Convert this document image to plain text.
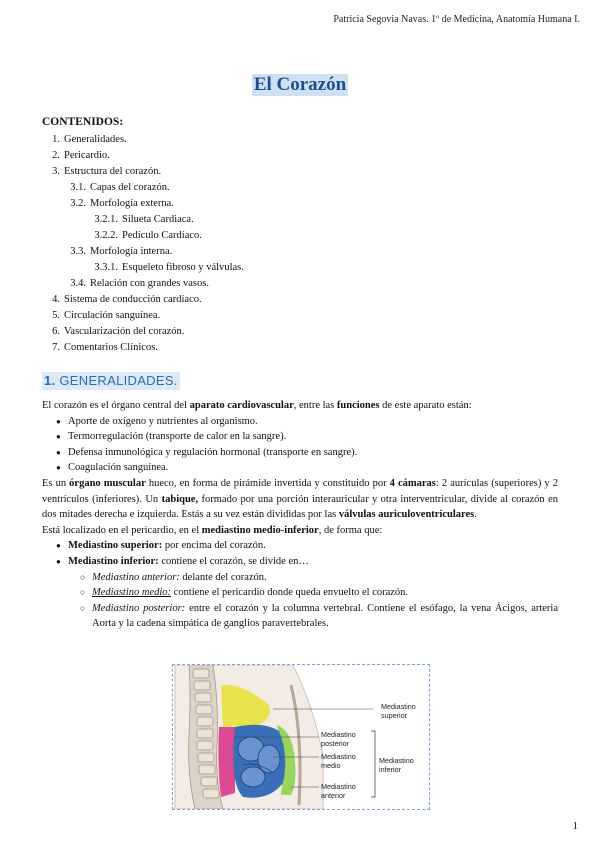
Patricia Segovia Navas. 1º de Medicina, Anatomía Humana I.
El Corazón
CONTENIDOS:
1. Generalidades.
2. Pericardio.
3. Estructura del corazón.
3.1. Capas del corazón.
3.2. Morfología externa.
3.2.1. Silueta Cardiaca.
3.2.2. Pedículo Cardíaco.
3.3. Morfología interna.
3.3.1. Esqueleto fibroso y válvulas.
3.4. Relación con grandes vasos.
4. Sistema de conducción cardíaco.
5. Circulación sanguínea.
6. Vascularización del corazón.
7. Comentarios Clínicos.
1. GENERALIDADES.

El corazón es el órgano central del aparato cardiovascular, entre las funciones de este aparato están:

● Aporte de oxígeno y nutrientes al organismo.
● Termorregulación (transporte de calor en la sangre).
● Defensa inmunológica y regulación hormonal (transporte en sangre).
● Coagulación sanguínea.

Es un órgano muscular hueco, en forma de pirámide invertida y constituido por 4 cámaras: 2 aurículas (superiores) y 2 ventrículos (inferiores). Un tabique, formado por una porción interauricular y otra interventricular, divide al corazón en dos mitades derecha e izquierda. Estás a su vez están divididas por las válvulas auriculoventriculares.

Está localizado en el pericardio, en el mediastino medio-inferior, de forma que:

● Mediastino superior: por encima del corazón.
● Mediastino inferior: contiene el corazón, se divide en…
○ Mediastino anterior: delante del corazón.
○ Mediastino medio: contiene el pericardio donde queda envuelto el corazón.
○ Mediastino posterior: entre el corazón y la columna vertebral. Contiene el esófago, la vena Ácigos, arteria Aorta y la cadena simpática de ganglios paravertebrales.
Mediastino superior
Mediastino posterior
Mediastino medio
Mediastino anterior
Mediastino inferior
1
